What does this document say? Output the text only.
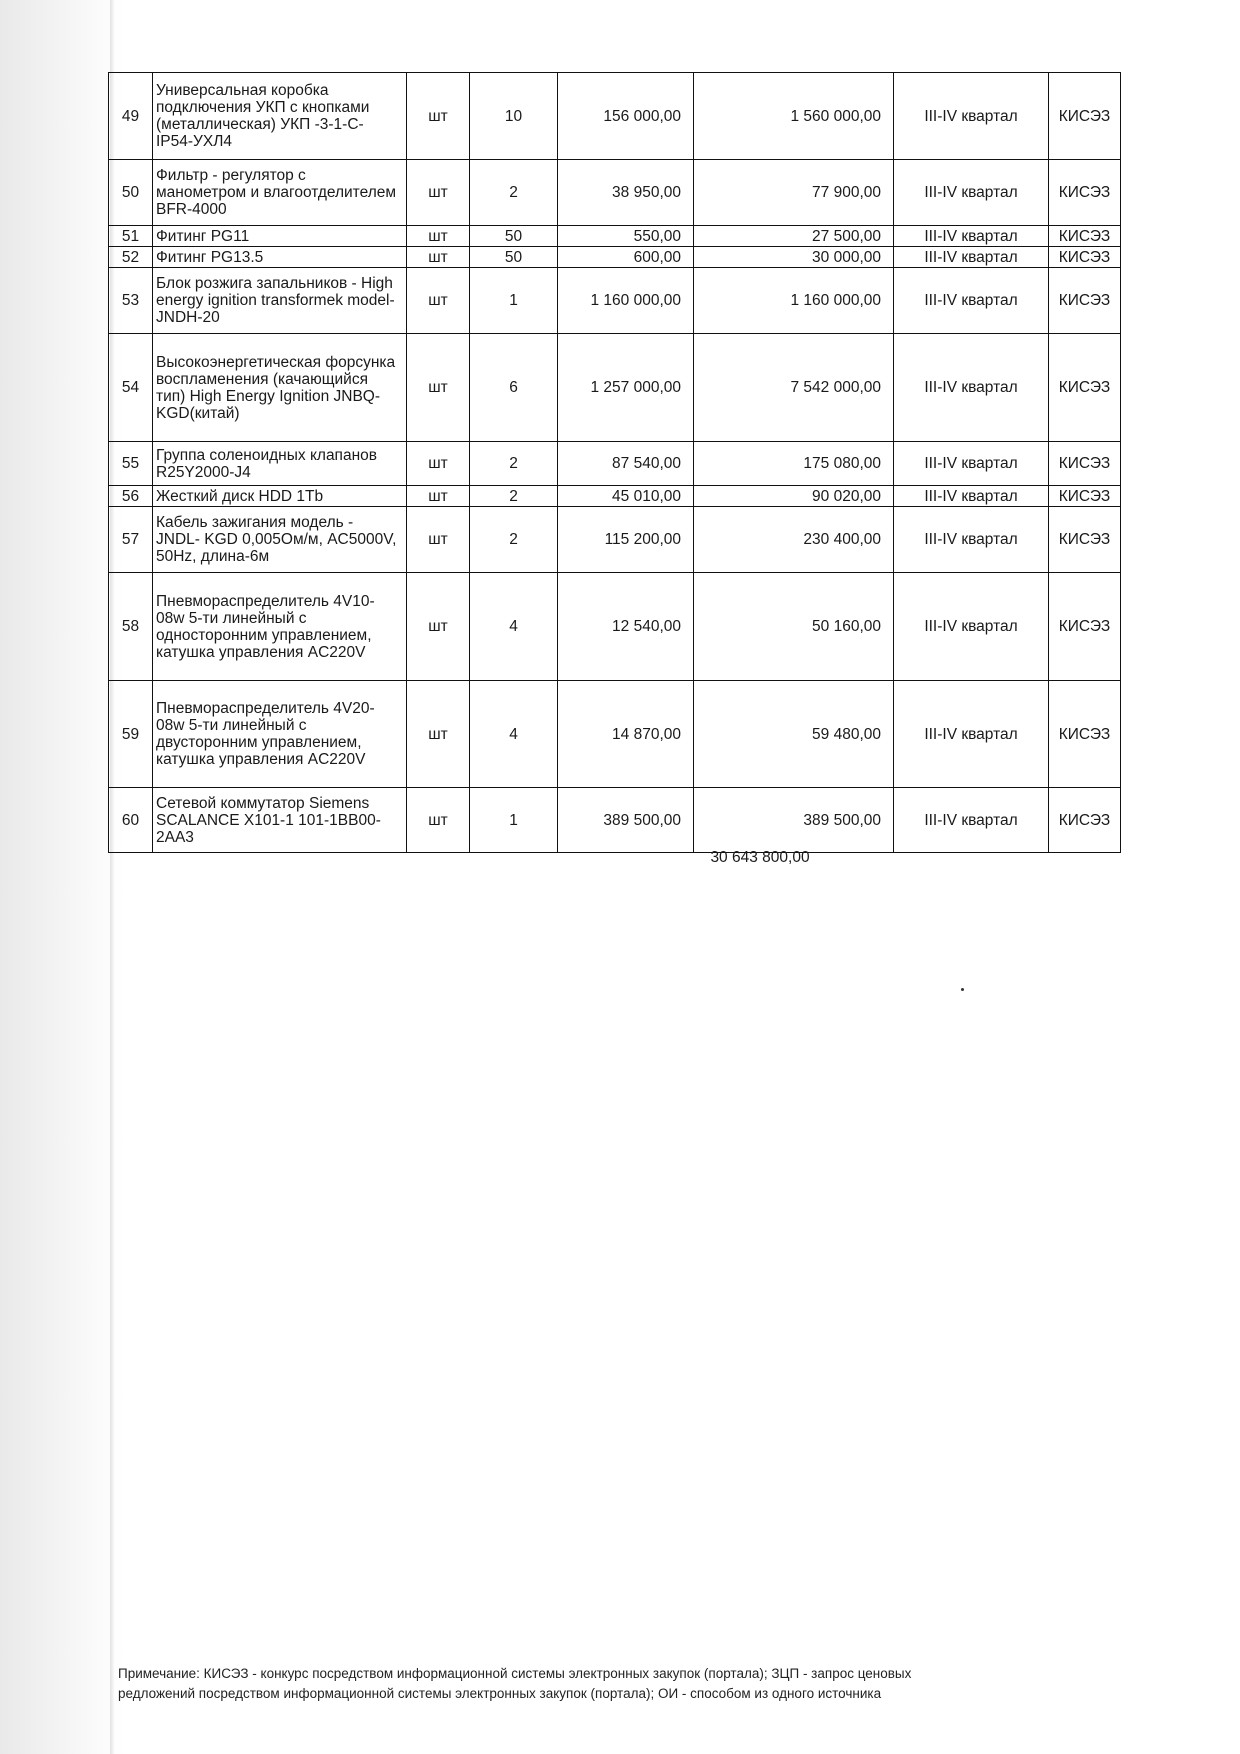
49	Универсальная коробка подключения УКП с кнопками (металлическая) УКП -3-1-С-IP54-УХЛ4	шт	10	156 000,00	1 560 000,00	III-IV квартал	КИСЭЗ
50	Фильтр - регулятор с манометром и влагоотделителем BFR-4000	шт	2	38 950,00	77 900,00	III-IV квартал	КИСЭЗ
51	Фитинг PG11	шт	50	550,00	27 500,00	III-IV квартал	КИСЭЗ
52	Фитинг PG13.5	шт	50	600,00	30 000,00	III-IV квартал	КИСЭЗ
53	Блок розжига запальников - High energy ignition transformek model-JNDH-20	шт	1	1 160 000,00	1 160 000,00	III-IV квартал	КИСЭЗ
54	Высокоэнергетическая форсунка воспламенения (качающийся тип) High Energy Ignition JNBQ-KGD(китай)	шт	6	1 257 000,00	7 542 000,00	III-IV квартал	КИСЭЗ
55	Группа соленоидных клапанов R25Y2000-J4	шт	2	87 540,00	175 080,00	III-IV квартал	КИСЭЗ
56	Жесткий диск HDD 1Tb	шт	2	45 010,00	90 020,00	III-IV квартал	КИСЭЗ
57	Кабель зажигания модель - JNDL- KGD 0,005Ом/м, AC5000V, 50Hz, длина-6м	шт	2	115 200,00	230 400,00	III-IV квартал	КИСЭЗ
58	Пневмораспределитель 4V10-08w 5-ти линейный с односторонним управлением, катушка управления AC220V	шт	4	12 540,00	50 160,00	III-IV квартал	КИСЭЗ
59	Пневмораспределитель 4V20-08w 5-ти линейный с двусторонним управлением, катушка управления AC220V	шт	4	14 870,00	59 480,00	III-IV квартал	КИСЭЗ
60	Сетевой коммутатор Siemens SCALANCE X101-1 101-1BB00-2AA3	шт	1	389 500,00	389 500,00	III-IV квартал	КИСЭЗ
30 643 800,00

Примечание: КИСЭЗ - конкурс посредством информационной системы электронных закупок (портала); ЗЦП - запрос ценовых

редложений посредством информационной системы электронных закупок (портала); ОИ - способом из одного источника
